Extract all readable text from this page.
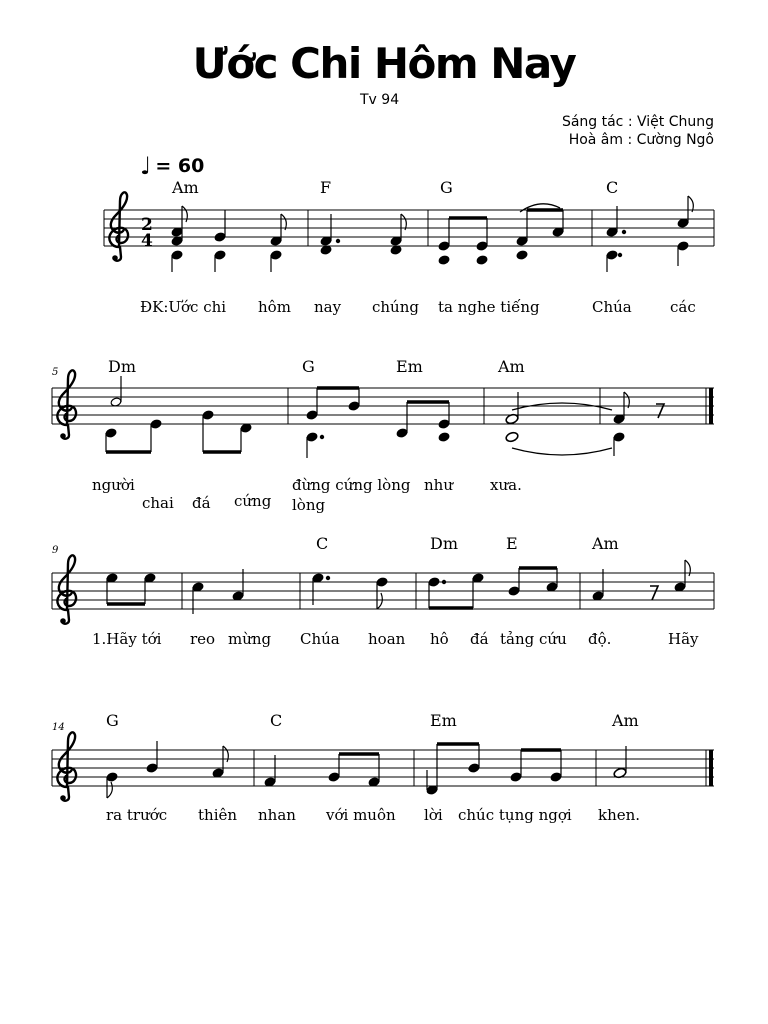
Ước Chi Hôm Nay
Tv 94
Sáng tác : Việt Chung
Hoà âm : Cường Ngô
♩ = 60
Am	F	G	C
ĐK:Ước chi hôm nay chúng ta nghe tiếng	Chúa	các
5	Dm	G	Em	Am
người	đừng cứng lòng như xưa.
chai đá cứng lòng
9	C	Dm	E	Am
1.Hãy tới reo mừng Chúa hoan hô đá tảng cứu độ.	Hãy
14	G	C	Em	Am
ra trước thiên nhan với muôn lời chúc tụng ngợi khen.
2
4
